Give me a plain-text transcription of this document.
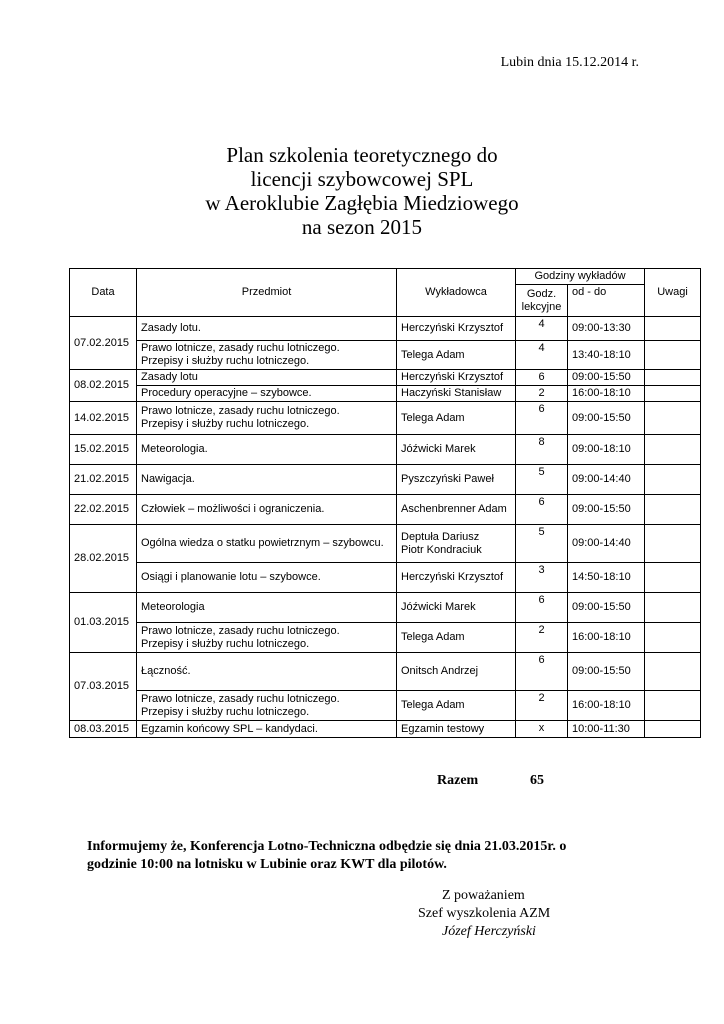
Lubin dnia 15.12.2014 r.
Plan szkolenia teoretycznego do
licencji szybowcowej SPL
w Aeroklubie Zagłębia Miedziowego
na sezon 2015
Data	Przedmiot	Wykładowca	Godziny wykładów		Uwagi

			Godz.
lekcyjne	od - do	
07.02.2015	Zasady lotu.	Herczyński Krzysztof	4	09:00-13:30	

	Prawo lotnicze, zasady ruchu lotniczego.
Przepisy i służby ruchu lotniczego.	Telega Adam	4	13:40-18:10	
08.02.2015	Zasady lotu	Herczyński Krzysztof	6	09:00-15:50	

	Procedury operacyjne – szybowce.	Haczyński Stanisław	2	16:00-18:10	
14.02.2015	Prawo lotnicze, zasady ruchu lotniczego.
Przepisy i służby ruchu lotniczego.	Telega Adam	6	09:00-15:50	
15.02.2015	Meteorologia.	Jóźwicki Marek	8	09:00-18:10	
21.02.2015	Nawigacja.	Pyszczyński Paweł	5	09:00-14:40	
22.02.2015	Człowiek – możliwości i ograniczenia.	Aschenbrenner Adam	6	09:00-15:50	
28.02.2015	Ogólna wiedza o statku powietrznym – szybowcu.	Deptuła Dariusz
Piotr Kondraciuk	5	09:00-14:40	

	Osiągi i planowanie lotu – szybowce.	Herczyński Krzysztof	3	14:50-18:10	
01.03.2015	Meteorologia	Jóźwicki Marek	6	09:00-15:50	

	Prawo lotnicze, zasady ruchu lotniczego.
Przepisy i służby ruchu lotniczego.	Telega Adam	2	16:00-18:10	
07.03.2015	Łączność.	Onitsch Andrzej	6	09:00-15:50	

	Prawo lotnicze, zasady ruchu lotniczego.
Przepisy i służby ruchu lotniczego.	Telega Adam	2	16:00-18:10	
08.03.2015	Egzamin końcowy SPL – kandydaci.	Egzamin testowy	x	10:00-11:30	
Razem	65
Informujemy że, Konferencja Lotno-Techniczna odbędzie się dnia 21.03.2015r. o
godzinie 10:00 na lotnisku w Lubinie oraz KWT dla pilotów.
Z poważaniem
Szef wyszkolenia AZM
Józef Herczyński
